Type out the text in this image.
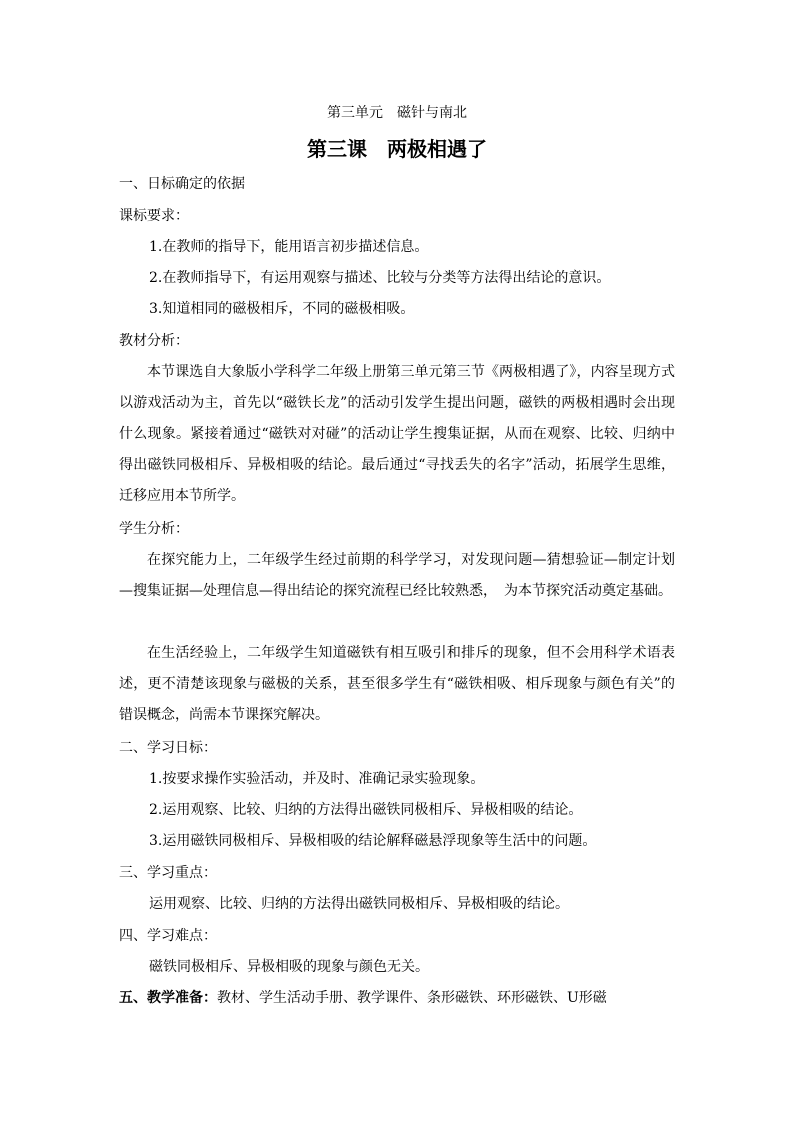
第三单元　磁针与南北
第三课　两极相遇了
一、日标确定的依据
课标要求：
1.在教师的指导下，能用语言初步描述信息。
2.在教师指导下，有运用观察与描述、比较与分类等方法得出结论的意识。
3.知道相同的磁极相斥，不同的磁极相吸。
教材分析：
本节课选自大象版小学科学二年级上册第三单元第三节《两极相遇了》，内容呈现方式以游戏活动为主，首先以“磁铁长龙”的活动引发学生提出问题，磁铁的两极相遇时会出现什么现象。紧接着通过“磁铁对对碰”的活动让学生搜集证据，从而在观察、比较、归纳中得出磁铁同极相斥、异极相吸的结论。最后通过“寻找丢失的名字”活动，拓展学生思维，迁移应用本节所学。
学生分析：
在探究能力上，二年级学生经过前期的科学学习，对发现问题—猜想验证—制定计划—搜集证据—处理信息—得出结论的探究流程已经比较熟悉，　为本节探究活动奠定基础。
在生活经验上，二年级学生知道磁铁有相互吸引和排斥的现象，但不会用科学术语表述，更不清楚该现象与磁极的关系，甚至很多学生有“磁铁相吸、相斥现象与颜色有关”的错误概念，尚需本节课探究解决。
二、学习日标：
1.按要求操作实验活动，并及时、准确记录实验现象。
2.运用观察、比较、归纳的方法得出磁铁同极相斥、异极相吸的结论。
3.运用磁铁同极相斥、异极相吸的结论解释磁悬浮现象等生活中的问题。
三、学习重点：
运用观察、比较、归纳的方法得出磁铁同极相斥、异极相吸的结论。
四、学习难点：
磁铁同极相斥、异极相吸的现象与颜色无关。
五、教学准备：教材、学生活动手册、教学课件、条形磁铁、环形磁铁、U形磁
